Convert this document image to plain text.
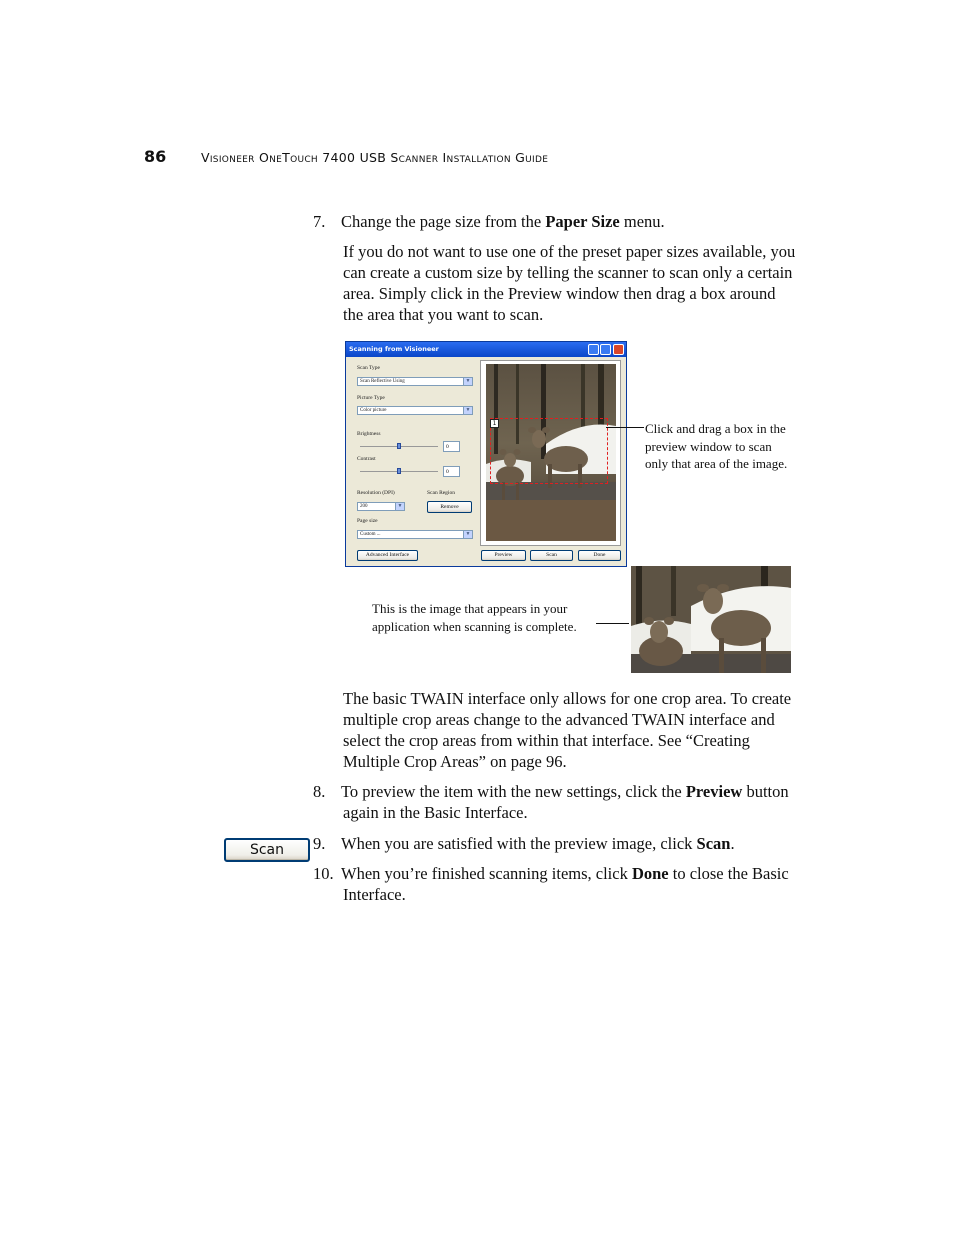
86	Visioneer OneTouch 7400 USB Scanner Installation Guide
7. Change the page size from the Paper Size menu.
If you do not want to use one of the preset paper sizes available, you
can create a custom size by telling the scanner to scan only a certain
area. Simply click in the Preview window then drag a box around
the area that you want to scan.
Scanning from Visioneer
Scan Type
Scan Reflective Using	▼
Picture Type
Color picture	▼
Brightness
0
Contrast
0
Resolution (DPI)	Scan Region
200	▼	Remove
Page size
Custom ...	▼
Advanced Interface	Preview	Scan	Done
1	Click and drag a box in the
preview window to scan
only that area of the image.
This is the image that appears in your
application when scanning is complete.
The basic TWAIN interface only allows for one crop area. To create
multiple crop areas change to the advanced TWAIN interface and
select the crop areas from within that interface. See “Creating
Multiple Crop Areas” on page 96.
8. To preview the item with the new settings, click the Preview button
again in the Basic Interface.
Scan	9. When you are satisfied with the preview image, click Scan.
10. When you’re finished scanning items, click Done to close the Basic
Interface.
